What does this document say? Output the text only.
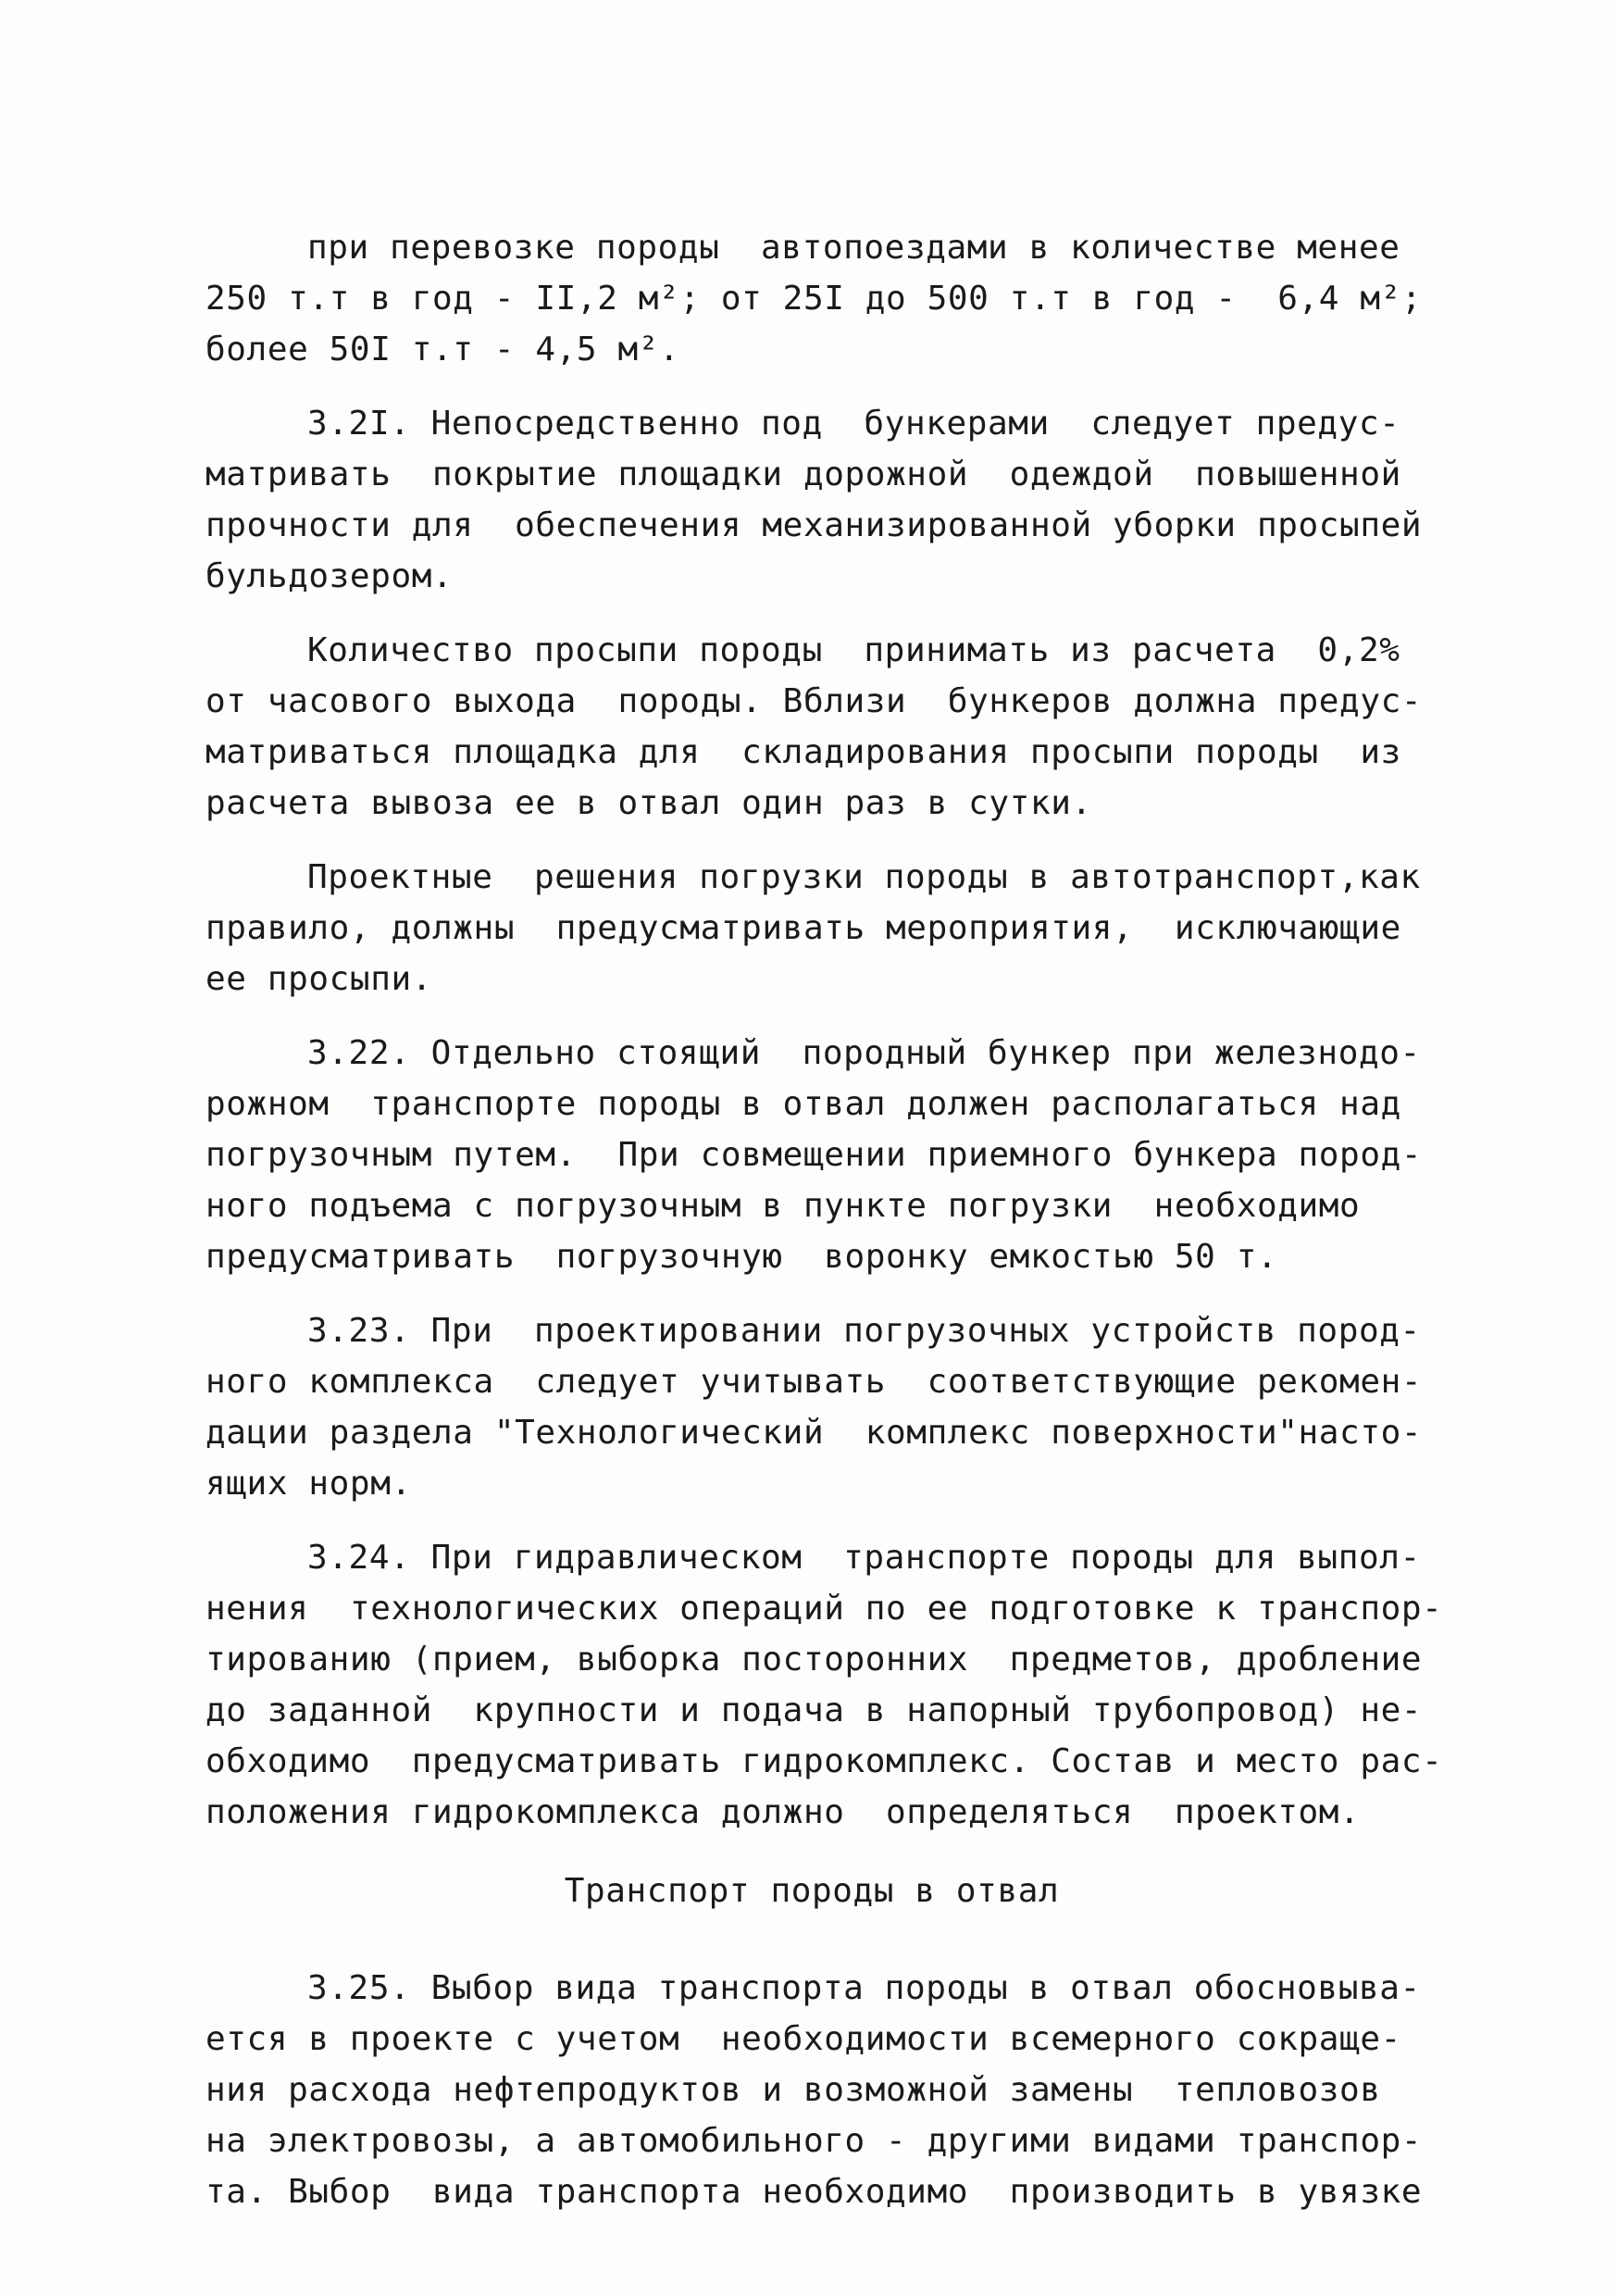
при перевозке породы  автопоездами в количестве менее
250 т.т в год - II,2 м²; от 25I до 500 т.т в год -  6,4 м²;
более 50I т.т - 4,5 м².
3.2I. Непосредственно под  бункерами  следует предус-
матривать  покрытие площадки дорожной  одеждой  повышенной
прочности для  обеспечения механизированной уборки просыпей
бульдозером.
Количество просыпи породы  принимать из расчета  0,2%
от часового выхода  породы. Вблизи  бункеров должна предус-
матриваться площадка для  складирования просыпи породы  из
расчета вывоза ее в отвал один раз в сутки.
Проектные  решения погрузки породы в автотранспорт,как
правило, должны  предусматривать мероприятия,  исключающие
ее просыпи.
3.22. Отдельно стоящий  породный бункер при железнодо-
рожном  транспорте породы в отвал должен располагаться над
погрузочным путем.  При совмещении приемного бункера пород-
ного подъема с погрузочным в пункте погрузки  необходимо
предусматривать  погрузочную  воронку емкостью 50 т.
3.23. При  проектировании погрузочных устройств пород-
ного комплекса  следует учитывать  соответствующие рекомен-
дации раздела "Технологический  комплекс поверхности"насто-
ящих норм.
3.24. При гидравлическом  транспорте породы для выпол-
нения  технологических операций по ее подготовке к транспор-
тированию (прием, выборка посторонних  предметов, дробление
до заданной  крупности и подача в напорный трубопровод) не-
обходимо  предусматривать гидрокомплекс. Состав и место рас-
положения гидрокомплекса должно  определяться  проектом.
Транспорт породы в отвал
3.25. Выбор вида транспорта породы в отвал обосновыва-
ется в проекте с учетом  необходимости всемерного сокраще-
ния расхода нефтепродуктов и возможной замены  тепловозов
на электровозы, а автомобильного - другими видами транспор-
та. Выбор  вида транспорта необходимо  производить в увязке
